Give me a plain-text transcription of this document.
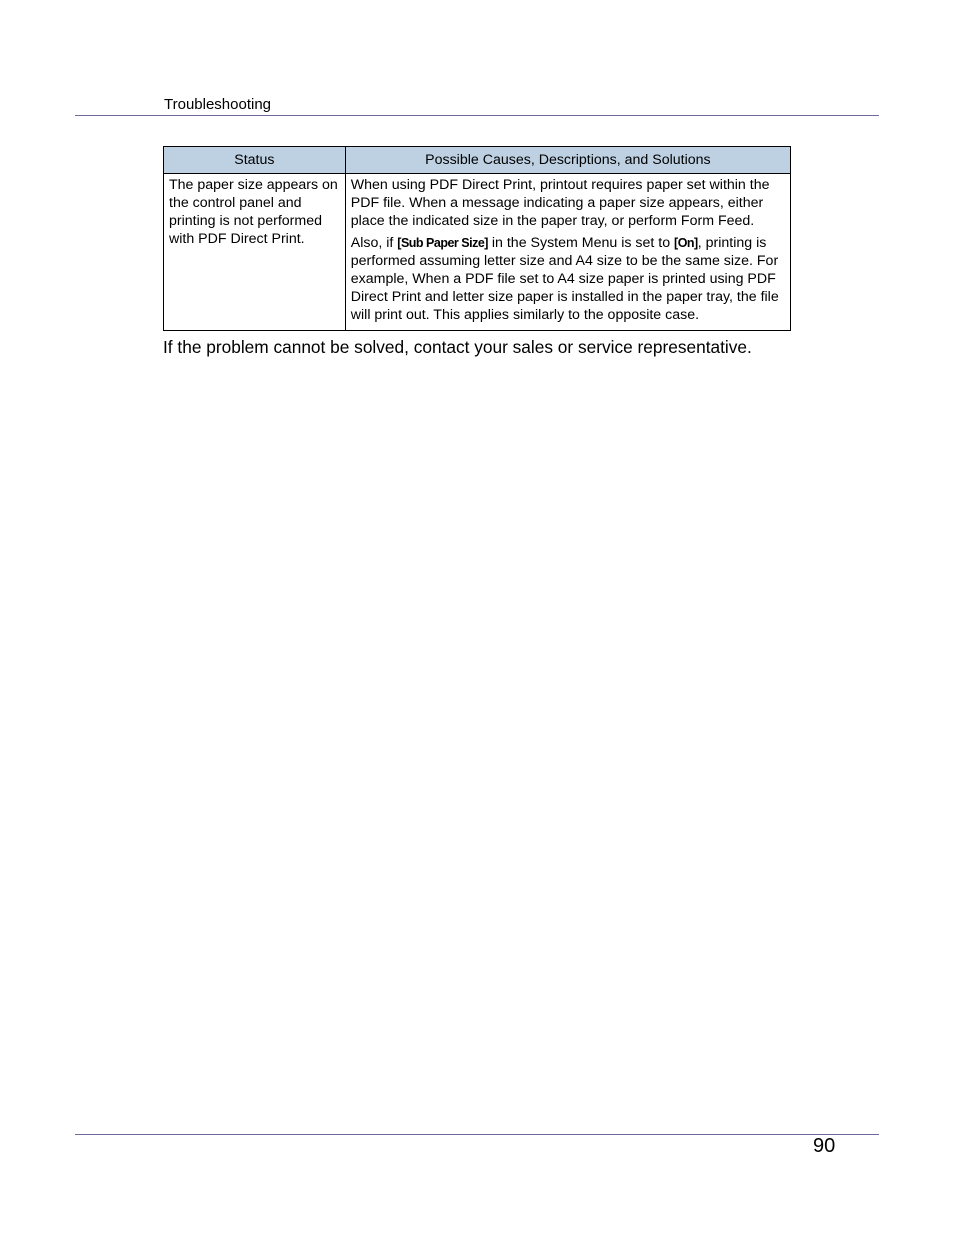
Troubleshooting
Status	Possible Causes, Descriptions, and Solutions

The paper size appears on the control panel and printing is not performed with PDF Direct Print.	When using PDF Direct Print, printout requires paper set within the PDF file. When a message indicating a paper size appears, either place the indicated size in the paper tray, or perform Form Feed.

Also, if [Sub Paper Size] in the System Menu is set to [On], printing is performed assuming letter size and A4 size to be the same size. For example, When a PDF file set to A4 size paper is printed using PDF Direct Print and letter size paper is installed in the paper tray, the file will print out. This applies similarly to the opposite case.

If the problem cannot be solved, contact your sales or service representative.
90
